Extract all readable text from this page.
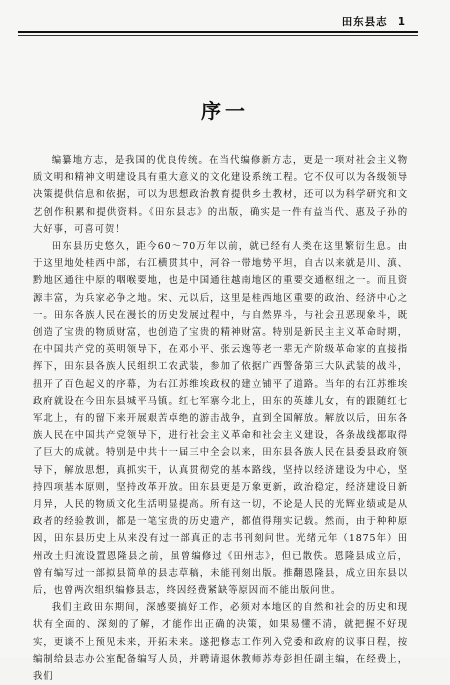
田东县志 1
序一

编纂地方志，是我国的优良传统。在当代编修新方志，更是一项对社会主义物质文明和精神文明建设具有重大意义的文化建设系统工程。它不仅可以为各级领导决策提供信息和依据，可以为思想政治教育提供乡土教材，还可以为科学研究和文艺创作积累和提供资料。《田东县志》的出版，确实是一件有益当代、惠及子孙的大好事，可喜可贺！

田东县历史悠久，距今60～70万年以前，就已经有人类在这里繁衍生息。由于这里地处桂西中部，右江横贯其中，河谷一带地势平坦，自古以来就是川、滇、黔地区通往中原的咽喉要地，也是中国通往越南地区的重要交通枢纽之一。而且资源丰富，为兵家必争之地。宋、元以后，这里是桂西地区重要的政治、经济中心之一。田东各族人民在漫长的历史发展过程中，与自然界斗，与社会丑恶现象斗，既创造了宝贵的物质财富，也创造了宝贵的精神财富。特别是新民主主义革命时期，在中国共产党的英明领导下，在邓小平、张云逸等老一辈无产阶级革命家的直接指挥下，田东县各族人民组织工农武装，参加了依据广西警备第三大队武装的战斗，扭开了百色起义的序幕，为右江苏维埃政权的建立铺平了道路。当年的右江苏维埃政府就设在今田东县城平马镇。红七军寨今北上，田东的英雄儿女，有的跟随红七军北上，有的留下来开展艰苦卓绝的游击战争，直到全国解放。解放以后，田东各族人民在中国共产党领导下，进行社会主义革命和社会主义建设，各条战线都取得了巨大的成就。特别是中共十一届三中全会以来，田东县各族人民在县委县政府领导下，解放思想，真抓实干，认真贯彻党的基本路线，坚持以经济建设为中心，坚持四项基本原则，坚持改革开放。田东县更是万象更新，政治稳定，经济建设日新月异，人民的物质文化生活明显提高。所有这一切，不论是人民的光辉业绩或是从政者的经验教训，都是一笔宝贵的历史遗产，都值得翔实记载。然而，由于种种原因，田东县历史上从来没有过一部真正的志书刊刻问世。光绪元年（1875年）田州改土归流设置恩隆县之前，虽曾编修过《田州志》，但已散佚。恩隆县成立后，曾有编写过一部拟县简单的县志草稿，未能刊刻出版。推翻恩隆县，成立田东县以后，也曾两次组织编修县志，终因经费紧缺等原因而不能出版问世。

我们主政田东期间，深感要搞好工作，必须对本地区的自然和社会的历史和现状有全面的、深刻的了解，才能作出正确的决策，如果易懂不清，就把握不好现实，更谈不上预见未来，开拓未来。遂把修志工作列入党委和政府的议事日程，按编制给县志办公室配备编写人员，并聘请退休教师苏寿彭担任副主编，在经费上，我们
